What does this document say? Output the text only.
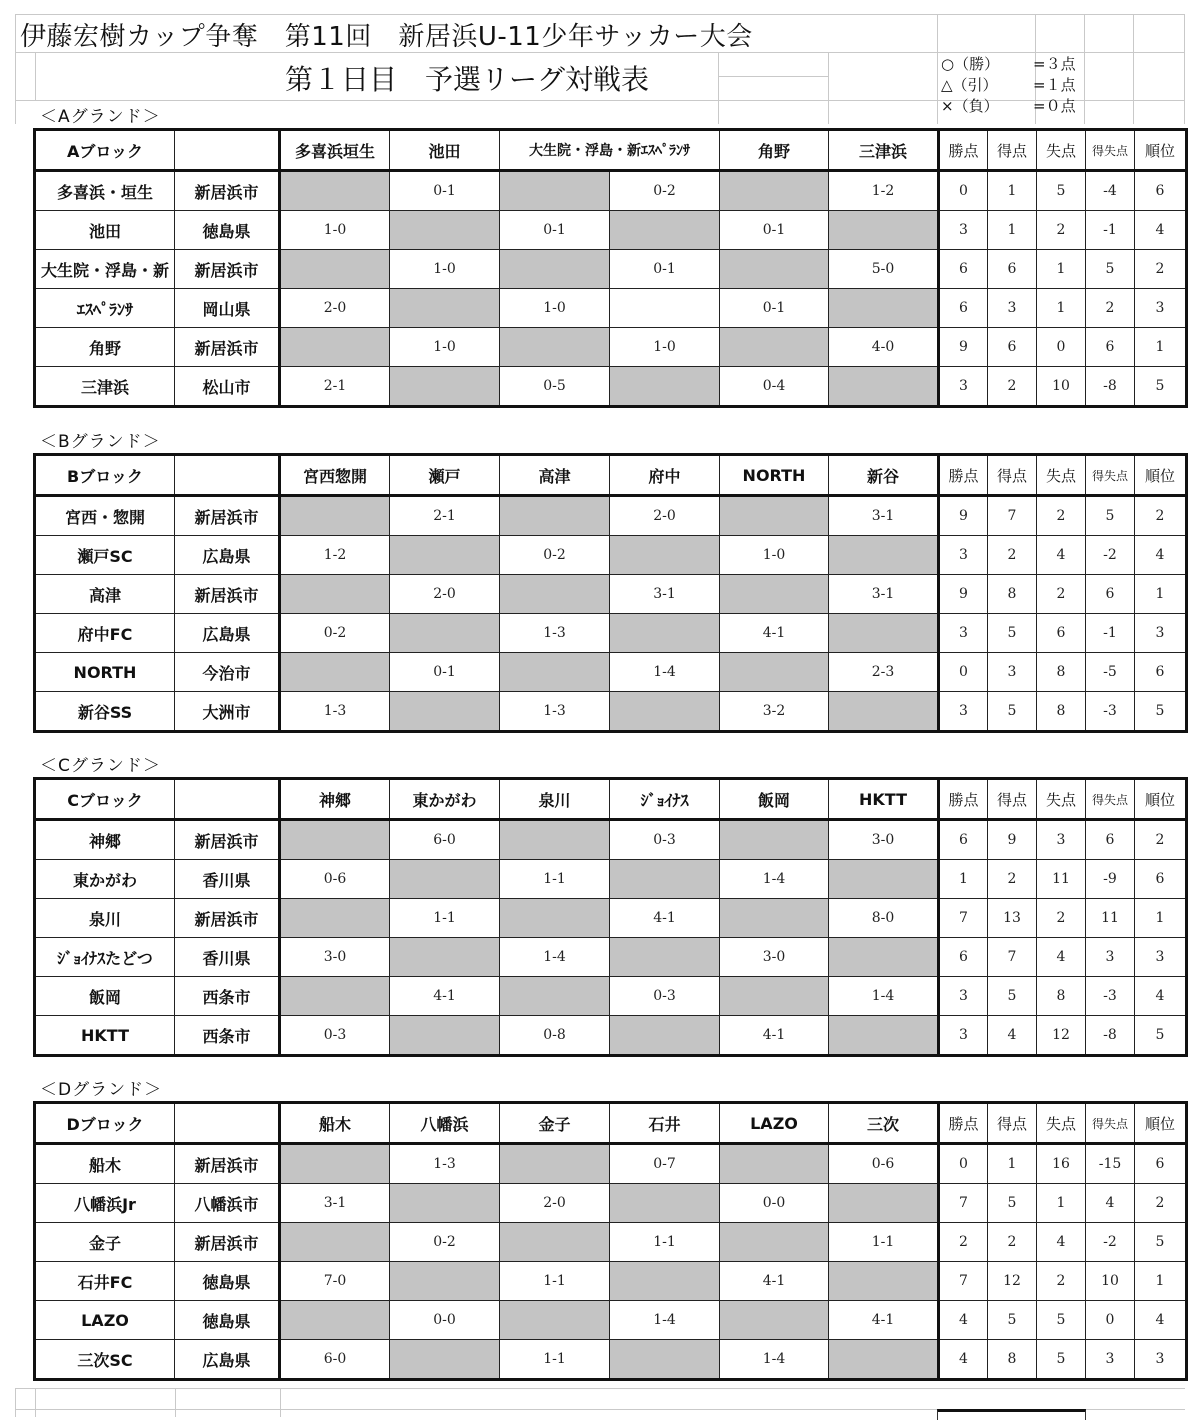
伊藤宏樹カップ争奪　第11回　新居浜U-11少年サッカー大会
第１日目　予選リーグ対戦表	○（勝） =３点
△（引） =１点
×（負） =０点
＜Aグランド＞
Aブロック		多喜浜垣生	池田	大生院・浮島・新ｴｽﾍﾟﾗﾝｻ		角野	三津浜	勝点	得点	失点	得失点	順位
多喜浜・垣生	新居浜市		0-1		0-2		1-2	0	1	5	-4	6
池田	徳島県	1-0		0-1		0-1		3	1	2	-1	4
大生院・浮島・新	新居浜市		1-0		0-1		5-0	6	6	1	5	2
ｴｽﾍﾟﾗﾝｻ	岡山県	2-0		1-0		0-1		6	3	1	2	3
角野	新居浜市		1-0		1-0		4-0	9	6	0	6	1
三津浜	松山市	2-1		0-5		0-4		3	2	10	-8	5
＜Bグランド＞
Bブロック		宮西惣開	瀬戸	高津	府中	NORTH	新谷	勝点	得点	失点	得失点	順位
宮西・惣開	新居浜市		2-1		2-0		3-1	9	7	2	5	2
瀬戸SC	広島県	1-2		0-2		1-0		3	2	4	-2	4
高津	新居浜市		2-0		3-1		3-1	9	8	2	6	1
府中FC	広島県	0-2		1-3		4-1		3	5	6	-1	3
NORTH	今治市		0-1		1-4		2-3	0	3	8	-5	6
新谷SS	大洲市	1-3		1-3		3-2		3	5	8	-3	5
＜Cグランド＞
Cブロック		神郷	東かがわ	泉川	ｼﾞｮｲﾅｽ	飯岡	HKTT	勝点	得点	失点	得失点	順位
神郷	新居浜市		6-0		0-3		3-0	6	9	3	6	2
東かがわ	香川県	0-6		1-1		1-4		1	2	11	-9	6
泉川	新居浜市		1-1		4-1		8-0	7	13	2	11	1
ｼﾞｮｲﾅｽたどつ	香川県	3-0		1-4		3-0		6	7	4	3	3
飯岡	西条市		4-1		0-3		1-4	3	5	8	-3	4
HKTT	西条市	0-3		0-8		4-1		3	4	12	-8	5
＜Dグランド＞
Dブロック		船木	八幡浜	金子	石井	LAZO	三次	勝点	得点	失点	得失点	順位
船木	新居浜市		1-3		0-7		0-6	0	1	16	-15	6
八幡浜Jr	八幡浜市	3-1		2-0		0-0		7	5	1	4	2
金子	新居浜市		0-2		1-1		1-1	2	2	4	-2	5
石井FC	徳島県	7-0		1-1		4-1		7	12	2	10	1
LAZO	徳島県		0-0		1-4		4-1	4	5	5	0	4
三次SC	広島県	6-0		1-1		1-4		4	8	5	3	3
